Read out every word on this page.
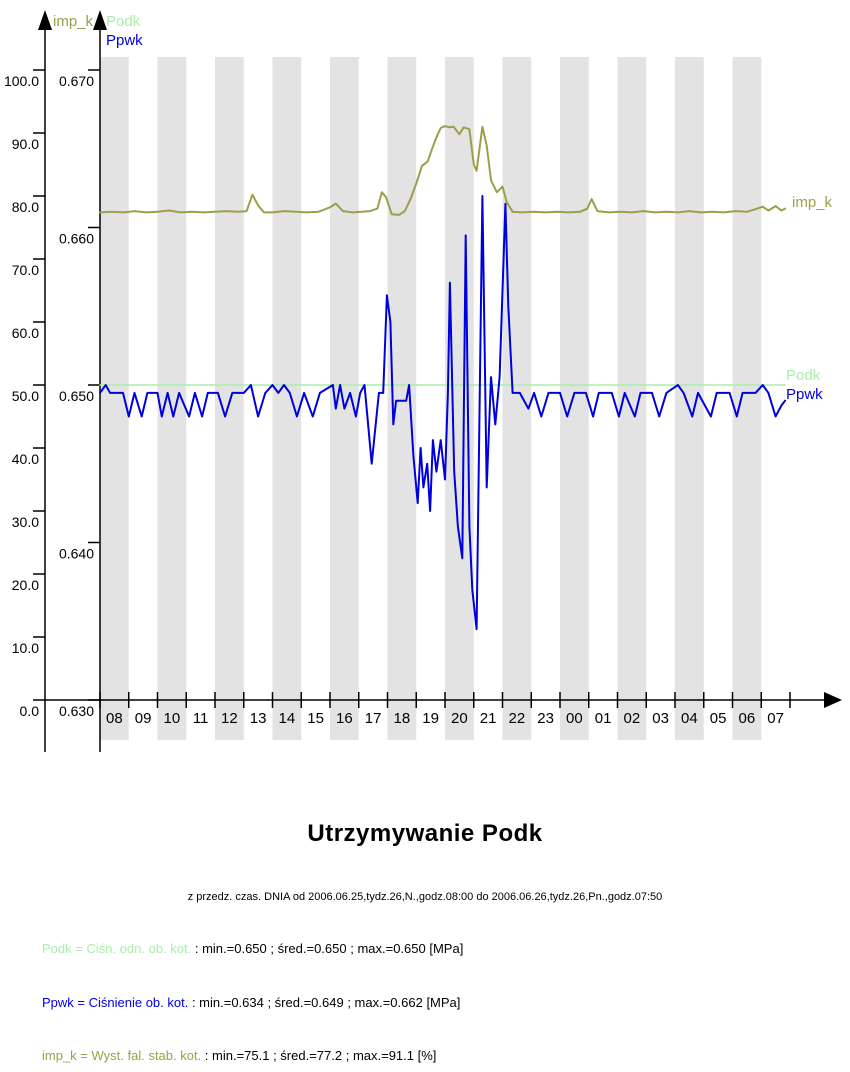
0.0
10.0
20.0
30.0
40.0
50.0
60.0
70.0
80.0
90.0
100.0
0.630
0.640
0.650
0.660
0.670
08 09 10 11 12 13 14 15 16 17 18 19 20 21 22 23 00 01 02 03 04 05 06 07
Podk
Podk
imp_k
imp_k
Ppwk
Ppwk
Utrzymywanie Podk
z przedz. czas. DNIA od 2006.06.25,tydz.26,N.,godz.08:00 do 2006.06.26,tydz.26,Pn.,godz.07:50
Podk = Ciśn. odn. ob. kot. : min.=0.650 ; śred.=0.650 ; max.=0.650 [MPa]
Ppwk = Ciśnienie ob. kot. : min.=0.634 ; śred.=0.649 ; max.=0.662 [MPa]
imp_k = Wyst. fal. stab. kot. : min.=75.1 ; śred.=77.2 ; max.=91.1 [%]
